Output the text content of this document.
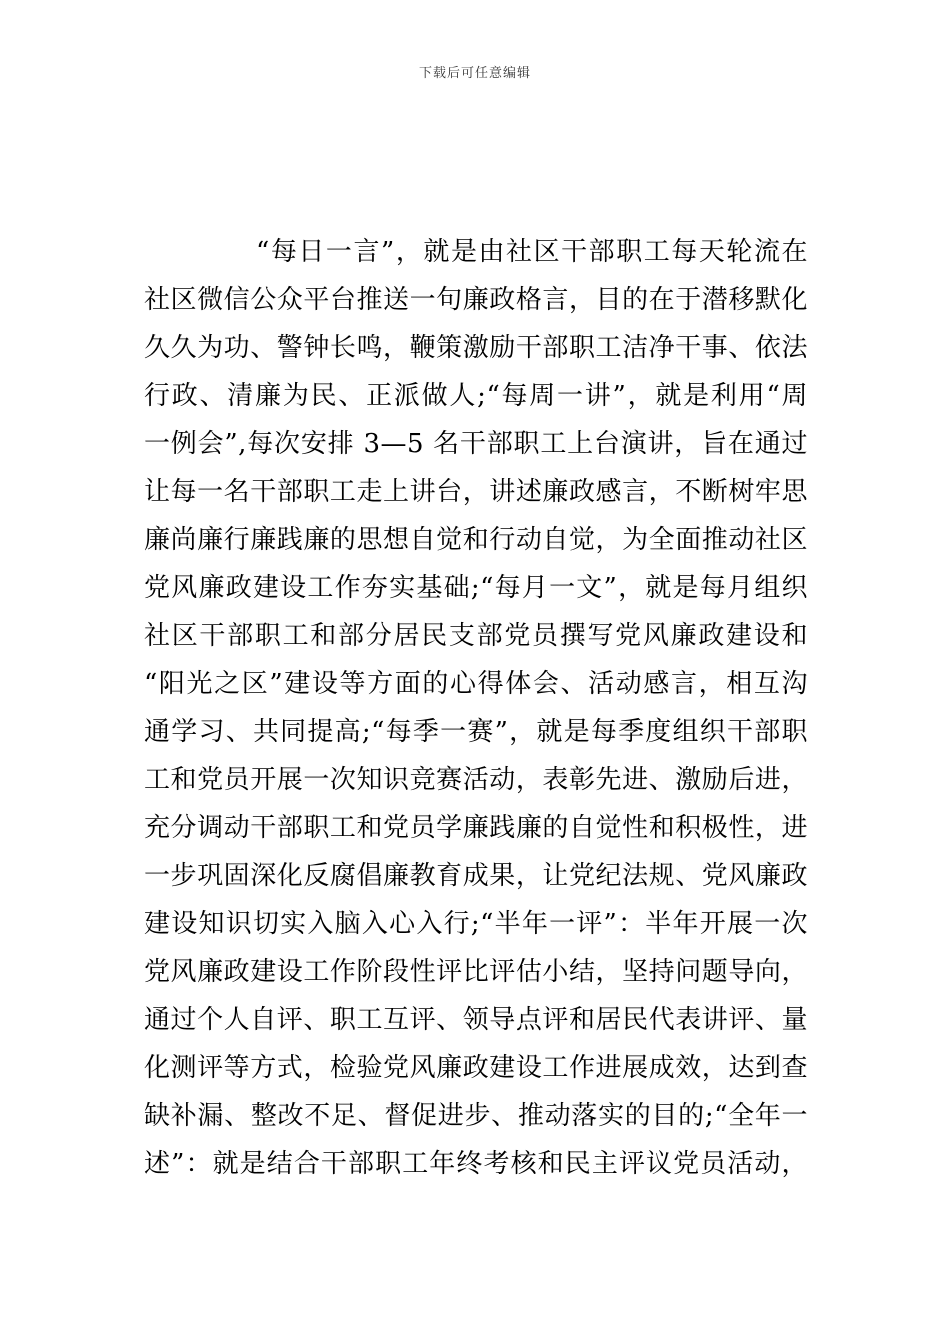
下载后可任意编辑
“每日一言”，就是由社区干部职工每天轮流在
社区微信公众平台推送一句廉政格言，目的在于潜移默化
久久为功、警钟长鸣，鞭策激励干部职工洁净干事、依法
行政、清廉为民、正派做人;“每周一讲”，就是利用“周
一例会”,每次安排 3—5 名干部职工上台演讲，旨在通过
让每一名干部职工走上讲台，讲述廉政感言，不断树牢思
廉尚廉行廉践廉的思想自觉和行动自觉，为全面推动社区
党风廉政建设工作夯实基础;“每月一文”，就是每月组织
社区干部职工和部分居民支部党员撰写党风廉政建设和
“阳光之区”建设等方面的心得体会、活动感言，相互沟
通学习、共同提高;“每季一赛”，就是每季度组织干部职
工和党员开展一次知识竞赛活动，表彰先进、激励后进，
充分调动干部职工和党员学廉践廉的自觉性和积极性，进
一步巩固深化反腐倡廉教育成果，让党纪法规、党风廉政
建设知识切实入脑入心入行;“半年一评”：半年开展一次
党风廉政建设工作阶段性评比评估小结，坚持问题导向，
通过个人自评、职工互评、领导点评和居民代表讲评、量
化测评等方式，检验党风廉政建设工作进展成效，达到查
缺补漏、整改不足、督促进步、推动落实的目的;“全年一
述”：就是结合干部职工年终考核和民主评议党员活动，
